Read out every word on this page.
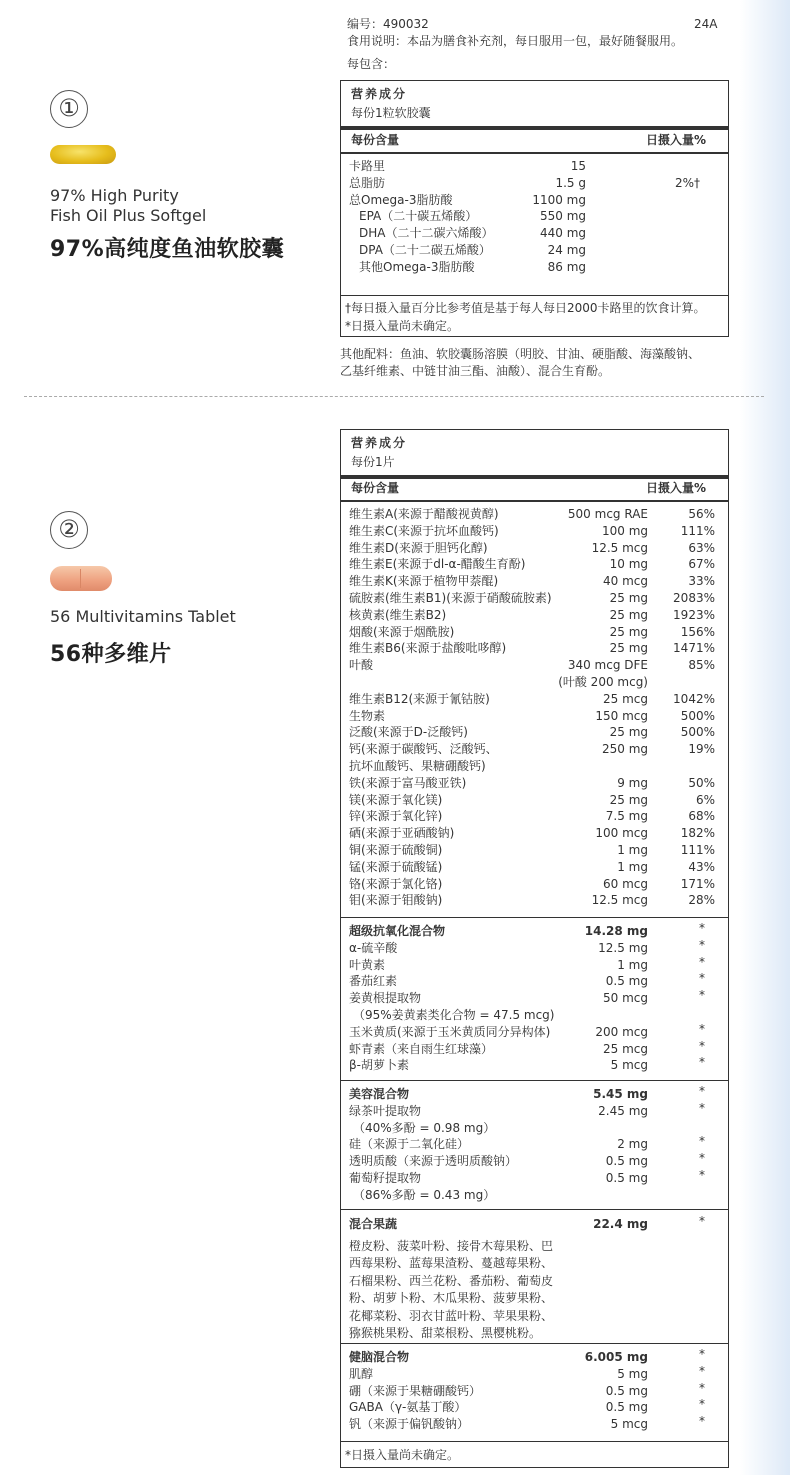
①
97% High Purity
Fish Oil Plus Softgel
97%高纯度鱼油软胶囊
编号：490032	24A
食用说明：本品为膳食补充剂，每日服用一包，最好随餐服用。
每包含：
营养成分
每份1粒软胶囊
每份含量	日摄入量%
卡路里	15
总脂肪	1.5 g	2%†
总Omega-3脂肪酸	1100 mg
EPA（二十碳五烯酸）	550 mg
DHA（二十二碳六烯酸）	440 mg
DPA（二十二碳五烯酸）	24 mg
其他Omega-3脂肪酸	86 mg
†每日摄入量百分比参考值是基于每人每日2000卡路里的饮食计算。
*日摄入量尚未确定。
其他配料：鱼油、软胶囊肠溶膜（明胶、甘油、硬脂酸、海藻酸钠、
乙基纤维素、中链甘油三酯、油酸）、混合生育酚。
②
56 Multivitamins Tablet
56种多维片
营养成分
每份1片
每份含量	日摄入量%
维生素A(来源于醋酸视黄醇)	500 mcg RAE	56%
维生素C(来源于抗坏血酸钙)	100 mg	111%
维生素D(来源于胆钙化醇)	12.5 mcg	63%
维生素E(来源于dl-α-醋酸生育酚)	10 mg	67%
维生素K(来源于植物甲萘醌)	40 mcg	33%
硫胺素(维生素B1)(来源于硝酸硫胺素)	25 mg	2083%
核黄素(维生素B2)	25 mg	1923%
烟酸(来源于烟酰胺)	25 mg	156%
维生素B6(来源于盐酸吡哆醇)	25 mg	1471%
叶酸	340 mcg DFE	85%
(叶酸 200 mcg)
维生素B12(来源于氰钴胺)	25 mcg	1042%
生物素	150 mcg	500%
泛酸(来源于D-泛酸钙)	25 mg	500%
钙(来源于碳酸钙、泛酸钙、	250 mg	19%
抗坏血酸钙、果糖硼酸钙)
铁(来源于富马酸亚铁)	9 mg	50%
镁(来源于氧化镁)	25 mg	6%
锌(来源于氧化锌)	7.5 mg	68%
硒(来源于亚硒酸钠)	100 mcg	182%
铜(来源于硫酸铜)	1 mg	111%
锰(来源于硫酸锰)	1 mg	43%
铬(来源于氯化铬)	60 mcg	171%
钼(来源于钼酸钠)	12.5 mcg	28%
超级抗氧化混合物	14.28 mg	*
α-硫辛酸	12.5 mg	*
叶黄素	1 mg	*
番茄红素	0.5 mg	*
姜黄根提取物	50 mcg	*
（95%姜黄素类化合物 = 47.5 mcg)
玉米黄质(来源于玉米黄质同分异构体)	200 mcg	*
虾青素（来自雨生红球藻）	25 mcg	*
β-胡萝卜素	5 mcg	*
美容混合物	5.45 mg	*
绿茶叶提取物	2.45 mg	*
（40%多酚 = 0.98 mg）
硅（来源于二氧化硅）	2 mg	*
透明质酸（来源于透明质酸钠）	0.5 mg	*
葡萄籽提取物	0.5 mg	*
（86%多酚 = 0.43 mg）
混合果蔬	22.4 mg	*
橙皮粉、菠菜叶粉、接骨木莓果粉、巴
西莓果粉、蓝莓果渣粉、蔓越莓果粉、
石榴果粉、西兰花粉、番茄粉、葡萄皮
粉、胡萝卜粉、木瓜果粉、菠萝果粉、
花椰菜粉、羽衣甘蓝叶粉、苹果果粉、
猕猴桃果粉、甜菜根粉、黑樱桃粉。
健脑混合物	6.005 mg	*
肌醇	5 mg	*
硼（来源于果糖硼酸钙）	0.5 mg	*
GABA（γ-氨基丁酸）	0.5 mg	*
钒（来源于偏钒酸钠）	5 mcg	*
*日摄入量尚未确定。
